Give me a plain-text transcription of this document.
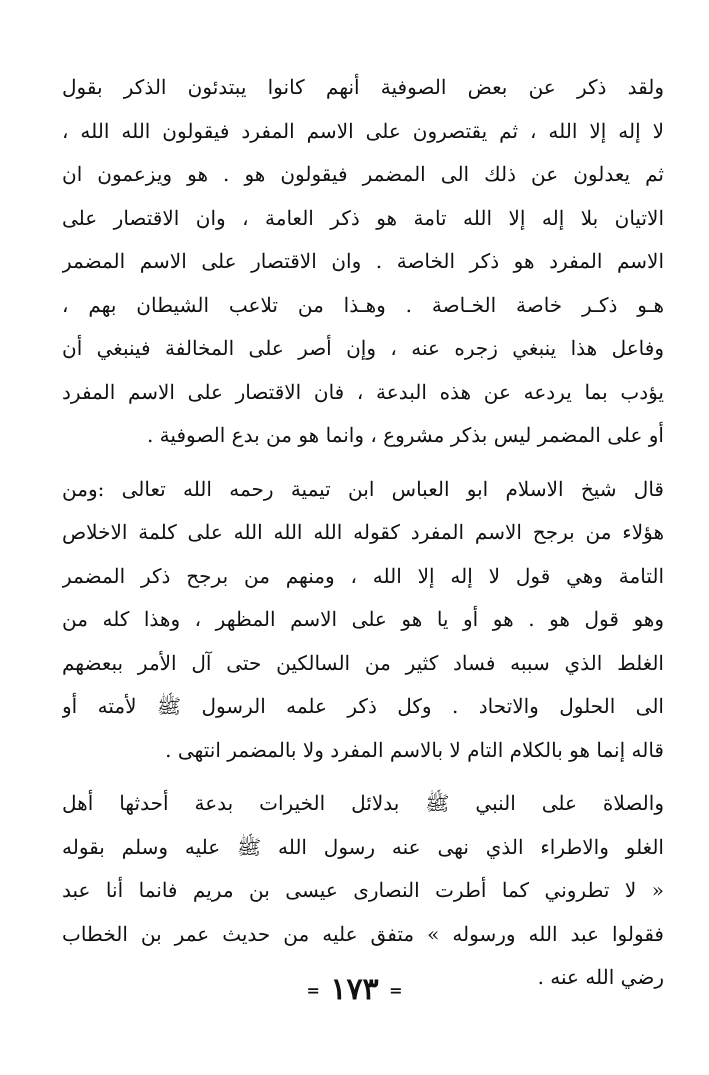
ولقد ذكر عن بعض الصوفية أنهم كانوا يبتدئون الذكر بقول
لا إله إلا الله ، ثم يقتصرون على الاسم المفرد فيقولون الله الله ،
ثم يعدلون عن ذلك الى المضمر فيقولون هو . هو ويزعمون ان
الاتيان بلا إله إلا الله تامة هو ذكر العامة ، وان الاقتصار على
الاسم المفرد هو ذكر الخاصة . وان الاقتصار على الاسم المضمر
هـو ذكـر خاصة الخـاصة . وهـذا من تلاعب الشيطان بهم ،
وفاعل هذا ينبغي زجره عنه ، وإن أصر على المخالفة فينبغي أن
يؤدب بما يردعه عن هذه البدعة ، فان الاقتصار على الاسم المفرد
أو على المضمر ليس بذكر مشروع ، وانما هو من بدع الصوفية .
قال شيخ الاسلام ابو العباس ابن تيمية رحمه الله تعالى :ومن
هؤلاء من برجح الاسم المفرد كقوله الله الله الله على كلمة الاخلاص
التامة وهي قول لا إله إلا الله ، ومنهم من برجح ذكر المضمر
وهو قول هو . هو أو يا هو على الاسم المظهر ، وهذا كله من
الغلط الذي سببه فساد كثير من السالكين حتى آل الأمر ببعضهم
الى الحلول والاتحاد . وكل ذكر علمه الرسول ﷺ لأمته أو
قاله إنما هو بالكلام التام لا بالاسم المفرد ولا بالمضمر انتهى .
والصلاة على النبي ﷺ بدلائل الخيرات بدعة أحدثها أهل
الغلو والاطراء الذي نهى عنه رسول الله ﷺ عليه وسلم بقوله
« لا تطروني كما أطرت النصارى عيسى بن مريم فانما أنا عبد
فقولوا عبد الله ورسوله » متفق عليه من حديث عمر بن الخطاب
رضي الله عنه .
= ١٧٣ =
